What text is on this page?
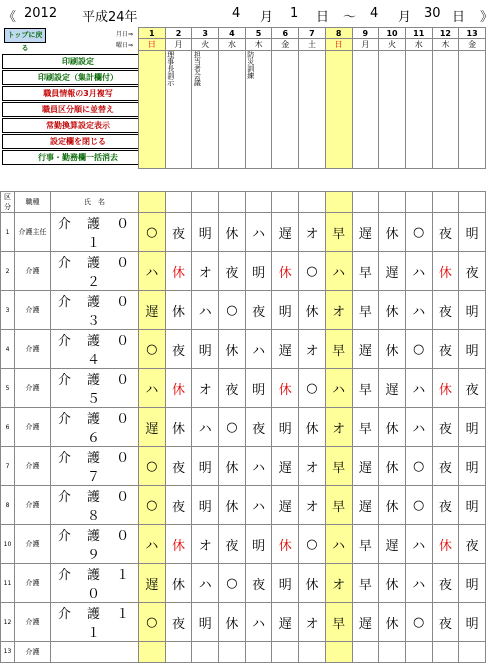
《 2012 平成24年	4 月 1 日 〜 4 月 30 日 》
トップに戻る
月日⇒
曜日⇒
印刷設定
印刷設定（集計欄付）
職員情報の3月複写
職員区分順に並替え
常勤換算設定表示
設定欄を閉じる
行事・勤務欄一括消去
1	2	3	4	5	6	7	8	9	10	11	12	13
日	月	火	水	木	金	土	日	月	火	水	木	金

	理事長訓示	担当者会議		防災訓練								

区分	職種	氏　名													
1	介護主任	介 護 ０ １	○	夜	明	休	ハ	遅	オ	早	遅	休	○	夜	明
2	介護	介 護 ０ ２	ハ	休	オ	夜	明	休	○	ハ	早	遅	ハ	休	夜
3	介護	介 護 ０ ３	遅	休	ハ	○	夜	明	休	オ	早	休	ハ	夜	明
4	介護	介 護 ０ ４	○	夜	明	休	ハ	遅	オ	早	遅	休	○	夜	明
5	介護	介 護 ０ ５	ハ	休	オ	夜	明	休	○	ハ	早	遅	ハ	休	夜
6	介護	介 護 ０ ６	遅	休	ハ	○	夜	明	休	オ	早	休	ハ	夜	明
7	介護	介 護 ０ ７	○	夜	明	休	ハ	遅	オ	早	遅	休	○	夜	明
8	介護	介 護 ０ ８	○	夜	明	休	ハ	遅	オ	早	遅	休	○	夜	明
10	介護	介 護 ０ ９	ハ	休	オ	夜	明	休	○	ハ	早	遅	ハ	休	夜
11	介護	介 護 １ ０	遅	休	ハ	○	夜	明	休	オ	早	休	ハ	夜	明
12	介護	介 護 １ １	○	夜	明	休	ハ	遅	オ	早	遅	休	○	夜	明
13	介護														
